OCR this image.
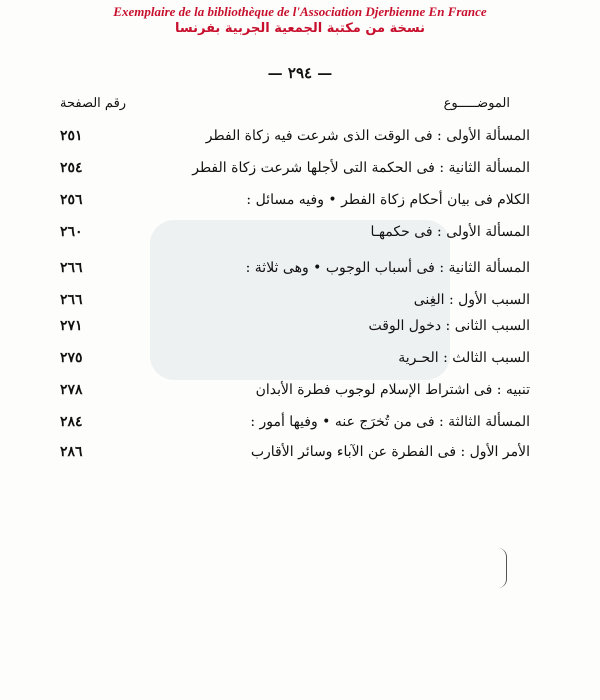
Exemplaire de la bibliothèque de l'Association Djerbienne En France
نسخة من مكتبة الجمعية الجربية بفرنسا
— ٢٩٤ —
الموضـــــوع
رقم الصفحة
المسألة الأولى : فى الوقت الذى شرعت فيه زكاة الفطر
٢٥١
المسألة الثانية : فى الحكمة التى لأجلها شرعت زكاة الفطر
٢٥٤
الكلام فى بيان أحكام زكاة الفطر • وفيه مسائل :
٢٥٦
المسألة الأولى : فى حكمهـا
٢٦٠
المسألة الثانية : فى أسباب الوجوب • وهى ثلاثة :
٢٦٦
السبب الأول : الغِنى
٢٦٦
السبب الثانى : دخول الوقت
٢٧١
السبب الثالث : الحـرية
٢٧٥
تنبيه : فى اشتراط الإسلام لوجوب فطرة الأبدان
٢٧٨
المسألة الثالثة : فى من تُخرَج عنه • وفيها أمور :
٢٨٤
الأمر الأول : فى الفطرة عن الآباء وسائر الأقارب
٢٨٦
